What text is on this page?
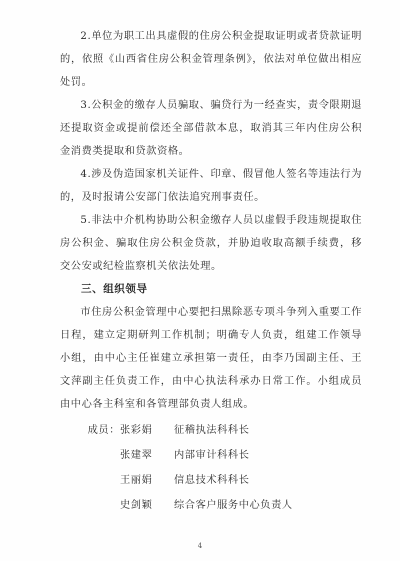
2.单位为职工出具虚假的住房公积金提取证明或者贷款证明的，依照《山西省住房公积金管理条例》，依法对单位做出相应处罚。

3.公积金的缴存人员骗取、骗贷行为一经查实，责令限期退还提取资金或提前偿还全部借款本息，取消其三年内住房公积金消费类提取和贷款资格。

4.涉及伪造国家机关证件、印章、假冒他人签名等违法行为的，及时报请公安部门依法追究刑事责任。

5.非法中介机构协助公积金缴存人员以虚假手段违规提取住房公积金、骗取住房公积金贷款，并胁迫收取高额手续费，移交公安或纪检监察机关依法处理。

三、组织领导

市住房公积金管理中心要把扫黑除恶专项斗争列入重要工作日程，建立定期研判工作机制；明确专人负责，组建工作领导小组，由中心主任崔建立承担第一责任，由李乃国副主任、王文萍副主任负责工作，由中心执法科承办日常工作。小组成员由中心各主科室和各管理部负责人组成。

成员： 张彩娟	征稽执法科科长
张建翠	内部审计科科长
王丽娟	信息技术科科长
史剑颖	综合客户服务中心负责人
4
